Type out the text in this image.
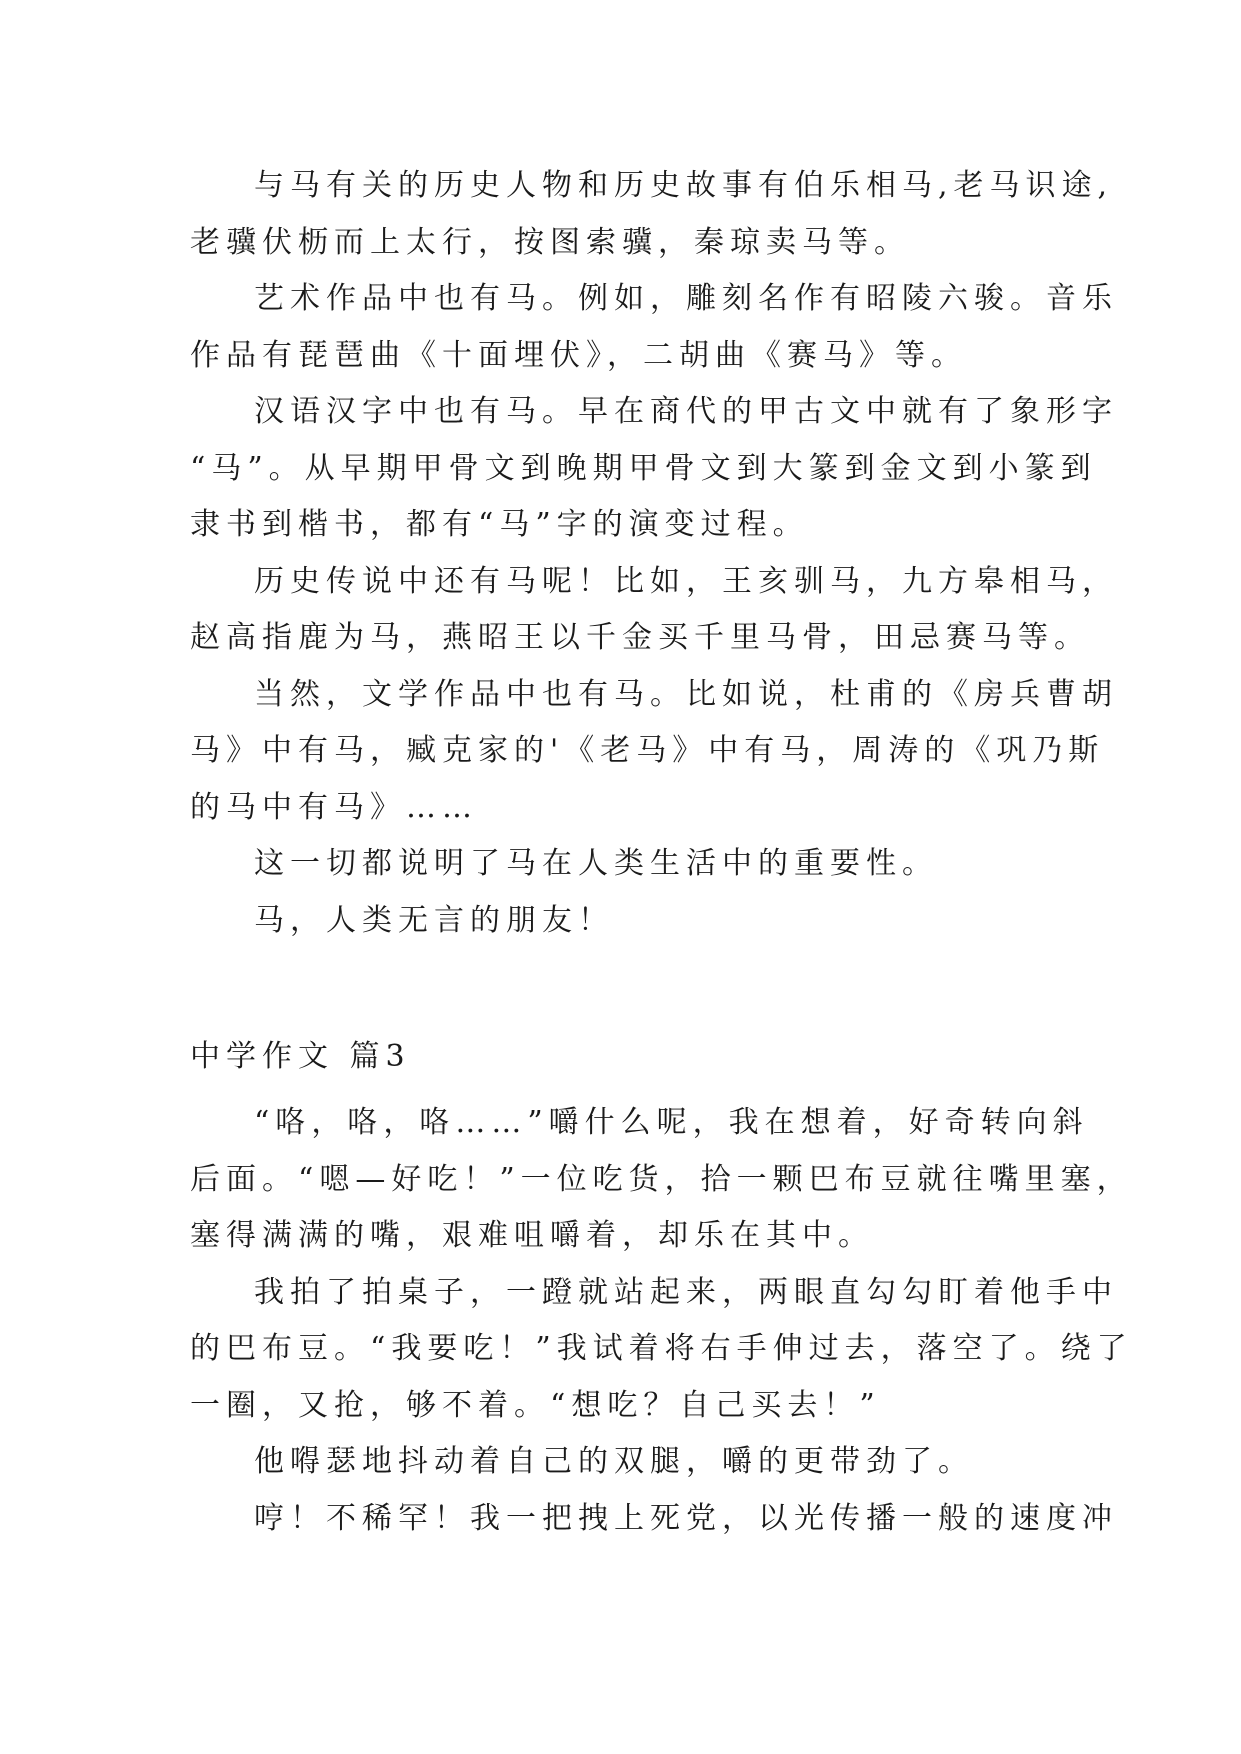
与马有关的历史人物和历史故事有伯乐相马,老马识途,
老骥伏枥而上太行，按图索骥，秦琼卖马等。
艺术作品中也有马。例如，雕刻名作有昭陵六骏。音乐
作品有琵琶曲《十面埋伏》，二胡曲《赛马》等。
汉语汉字中也有马。早在商代的甲古文中就有了象形字
“马”。从早期甲骨文到晚期甲骨文到大篆到金文到小篆到
隶书到楷书，都有“马”字的演变过程。
历史传说中还有马呢！比如，王亥驯马，九方皋相马，
赵高指鹿为马，燕昭王以千金买千里马骨，田忌赛马等。
当然，文学作品中也有马。比如说，杜甫的《房兵曹胡
马》中有马，臧克家的'《老马》中有马，周涛的《巩乃斯
的马中有马》……
这一切都说明了马在人类生活中的重要性。
马，人类无言的朋友！
中学作文 篇3
“咯，咯，咯……”嚼什么呢，我在想着，好奇转向斜
后面。“嗯—好吃！”一位吃货，拾一颗巴布豆就往嘴里塞，
塞得满满的嘴，艰难咀嚼着，却乐在其中。
我拍了拍桌子，一蹬就站起来，两眼直勾勾盯着他手中
的巴布豆。“我要吃！”我试着将右手伸过去，落空了。绕了
一圈，又抢，够不着。“想吃？自己买去！”
他嘚瑟地抖动着自己的双腿，嚼的更带劲了。
哼！不稀罕！我一把拽上死党，以光传播一般的速度冲
